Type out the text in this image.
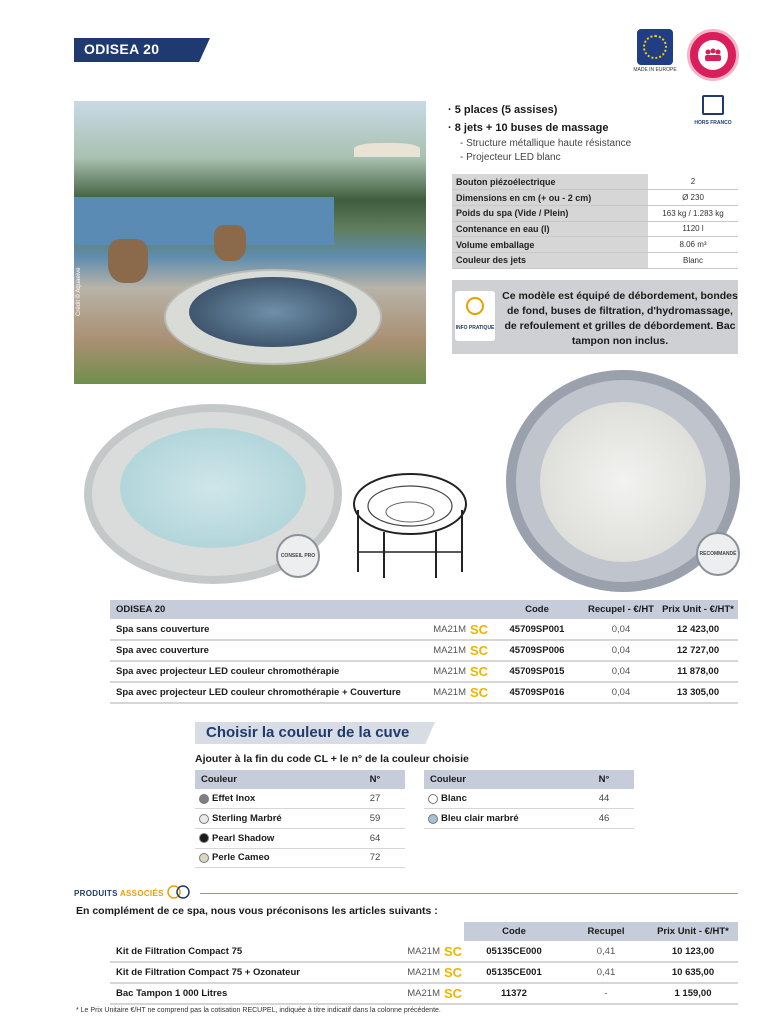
ODISEA 20
MADE IN EUROPE
HORS FRANCO
Crédit © Aquaeive
· 5 places (5 assises)
· 8 jets + 10 buses de massage
- Structure métallique haute résistance
- Projecteur LED blanc
Bouton piézoélectrique	2
Dimensions en cm (+ ou - 2 cm)	Ø 230
Poids du spa (Vide / Plein)	163 kg / 1.283 kg
Contenance en eau (l)	1120 l
Volume emballage	8.06 m³
Couleur des jets	Blanc
INFO PRATIQUE
Ce modèle est équipé de débordement, bondes de fond, buses de filtration, d'hydromassage, de refoulement et grilles de débordement. Bac tampon non inclus.
CONSEIL PRO	RECOMMANDÉ
ODISEA 20			Code	Recupel - €/HT	Prix Unit - €/HT*
Spa sans couverture	MA21M	SC	45709SP001	0,04	12 423,00
Spa avec couverture	MA21M	SC	45709SP006	0,04	12 727,00
Spa avec projecteur LED couleur chromothérapie	MA21M	SC	45709SP015	0,04	11 878,00
Spa avec projecteur LED couleur chromothérapie + Couverture	MA21M	SC	45709SP016	0,04	13 305,00
Choisir la couleur de la cuve
Ajouter à la fin du code CL + le n° de la couleur choisie
Couleur	N°
Effet Inox	27
Sterling Marbré	59
Pearl Shadow	64
Perle Cameo	72
Couleur	N°
Blanc	44
Bleu clair marbré	46
PRODUITS ASSOCIÉS
En complément de ce spa, nous vous préconisons les articles suivants :
			Code	Recupel	Prix Unit - €/HT*
Kit de Filtration Compact 75	MA21M	SC	05135CE000	0,41	10 123,00
Kit de Filtration Compact 75 + Ozonateur	MA21M	SC	05135CE001	0,41	10 635,00
Bac Tampon 1 000 Litres	MA21M	SC	11372	-	1 159,00
* Le Prix Unitaire €/HT ne comprend pas la cotisation RECUPEL, indiquée à titre indicatif dans la colonne précédente.
